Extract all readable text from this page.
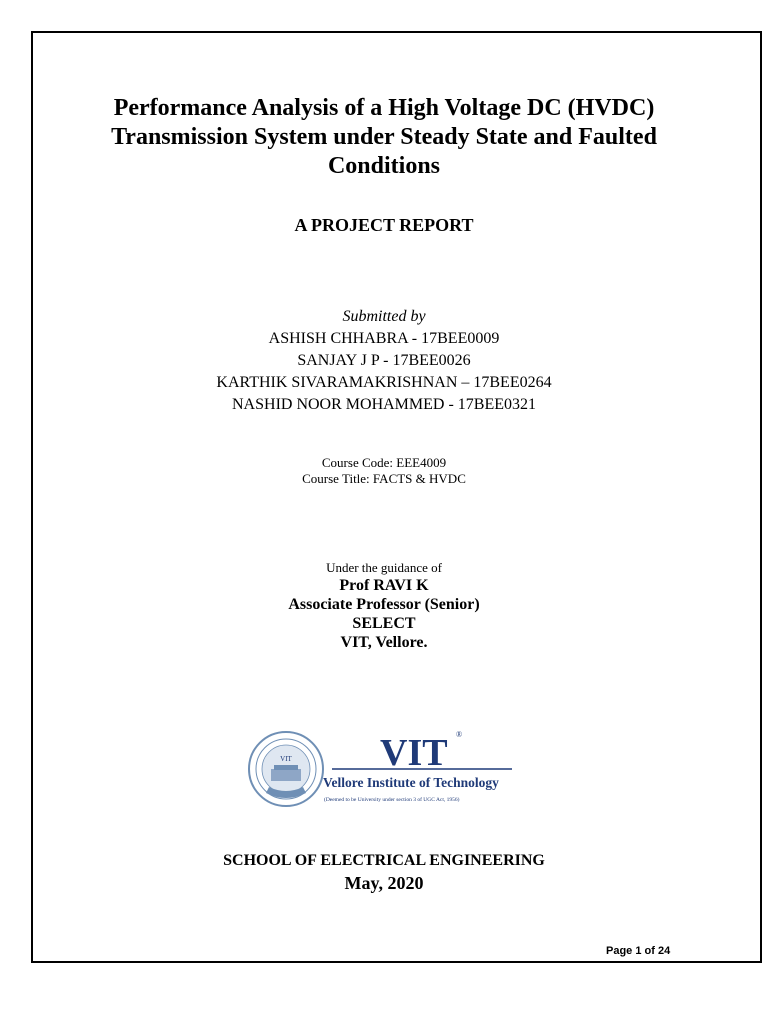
Performance Analysis of a High Voltage DC (HVDC)
Transmission System under Steady State and Faulted
Conditions
A PROJECT REPORT
Submitted by
ASHISH CHHABRA - 17BEE0009
SANJAY J P - 17BEE0026
KARTHIK SIVARAMAKRISHNAN – 17BEE0264
NASHID NOOR MOHAMMED - 17BEE0321
Course Code: EEE4009
Course Title: FACTS & HVDC
Under the guidance of
Prof RAVI K
Associate Professor (Senior)
SELECT
VIT, Vellore.
VIT VIT ®
Vellore Institute of Technology
(Deemed to be University under section 3 of UGC Act, 1956)
SCHOOL OF ELECTRICAL ENGINEERING
May, 2020
Page 1 of 24
